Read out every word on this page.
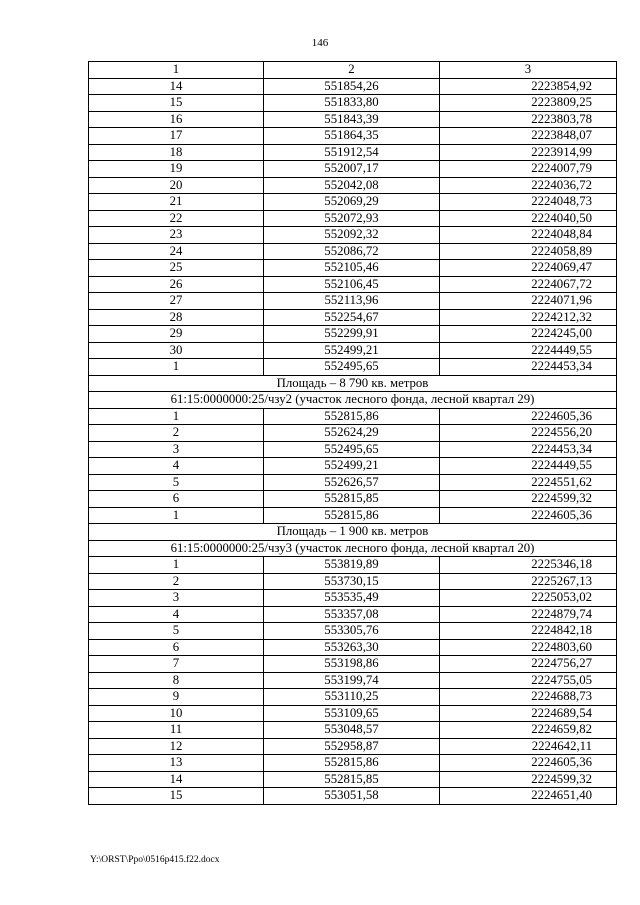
146
1	2	3
14	551854,26	2223854,92
15	551833,80	2223809,25
16	551843,39	2223803,78
17	551864,35	2223848,07
18	551912,54	2223914,99
19	552007,17	2224007,79
20	552042,08	2224036,72
21	552069,29	2224048,73
22	552072,93	2224040,50
23	552092,32	2224048,84
24	552086,72	2224058,89
25	552105,46	2224069,47
26	552106,45	2224067,72
27	552113,96	2224071,96
28	552254,67	2224212,32
29	552299,91	2224245,00
30	552499,21	2224449,55
1	552495,65	2224453,34
Площадь – 8 790 кв. метров		
61:15:0000000:25/чзу2 (участок лесного фонда, лесной квартал 29)		
1	552815,86	2224605,36
2	552624,29	2224556,20
3	552495,65	2224453,34
4	552499,21	2224449,55
5	552626,57	2224551,62
6	552815,85	2224599,32
1	552815,86	2224605,36
Площадь – 1 900 кв. метров		
61:15:0000000:25/чзу3 (участок лесного фонда, лесной квартал 20)		
1	553819,89	2225346,18
2	553730,15	2225267,13
3	553535,49	2225053,02
4	553357,08	2224879,74
5	553305,76	2224842,18
6	553263,30	2224803,60
7	553198,86	2224756,27
8	553199,74	2224755,05
9	553110,25	2224688,73
10	553109,65	2224689,54
11	553048,57	2224659,82
12	552958,87	2224642,11
13	552815,86	2224605,36
14	552815,85	2224599,32
15	553051,58	2224651,40
Y:\ORST\Ppo\0516p415.f22.docx
